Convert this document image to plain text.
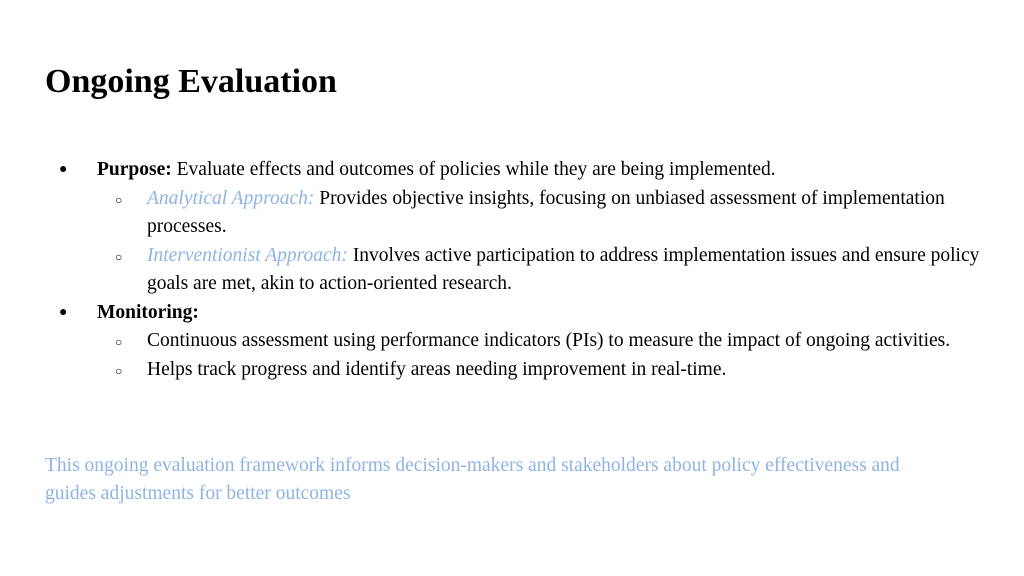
Ongoing Evaluation
● Purpose: Evaluate effects and outcomes of policies while they are being implemented.
○ Analytical Approach: Provides objective insights, focusing on unbiased assessment of implementation processes.
○ Interventionist Approach: Involves active participation to address implementation issues and ensure policy goals are met, akin to action-oriented research.
● Monitoring:
○ Continuous assessment using performance indicators (PIs) to measure the impact of ongoing activities.
○ Helps track progress and identify areas needing improvement in real-time.

This ongoing evaluation framework informs decision-makers and stakeholders about policy effectiveness and guides adjustments for better outcomes
